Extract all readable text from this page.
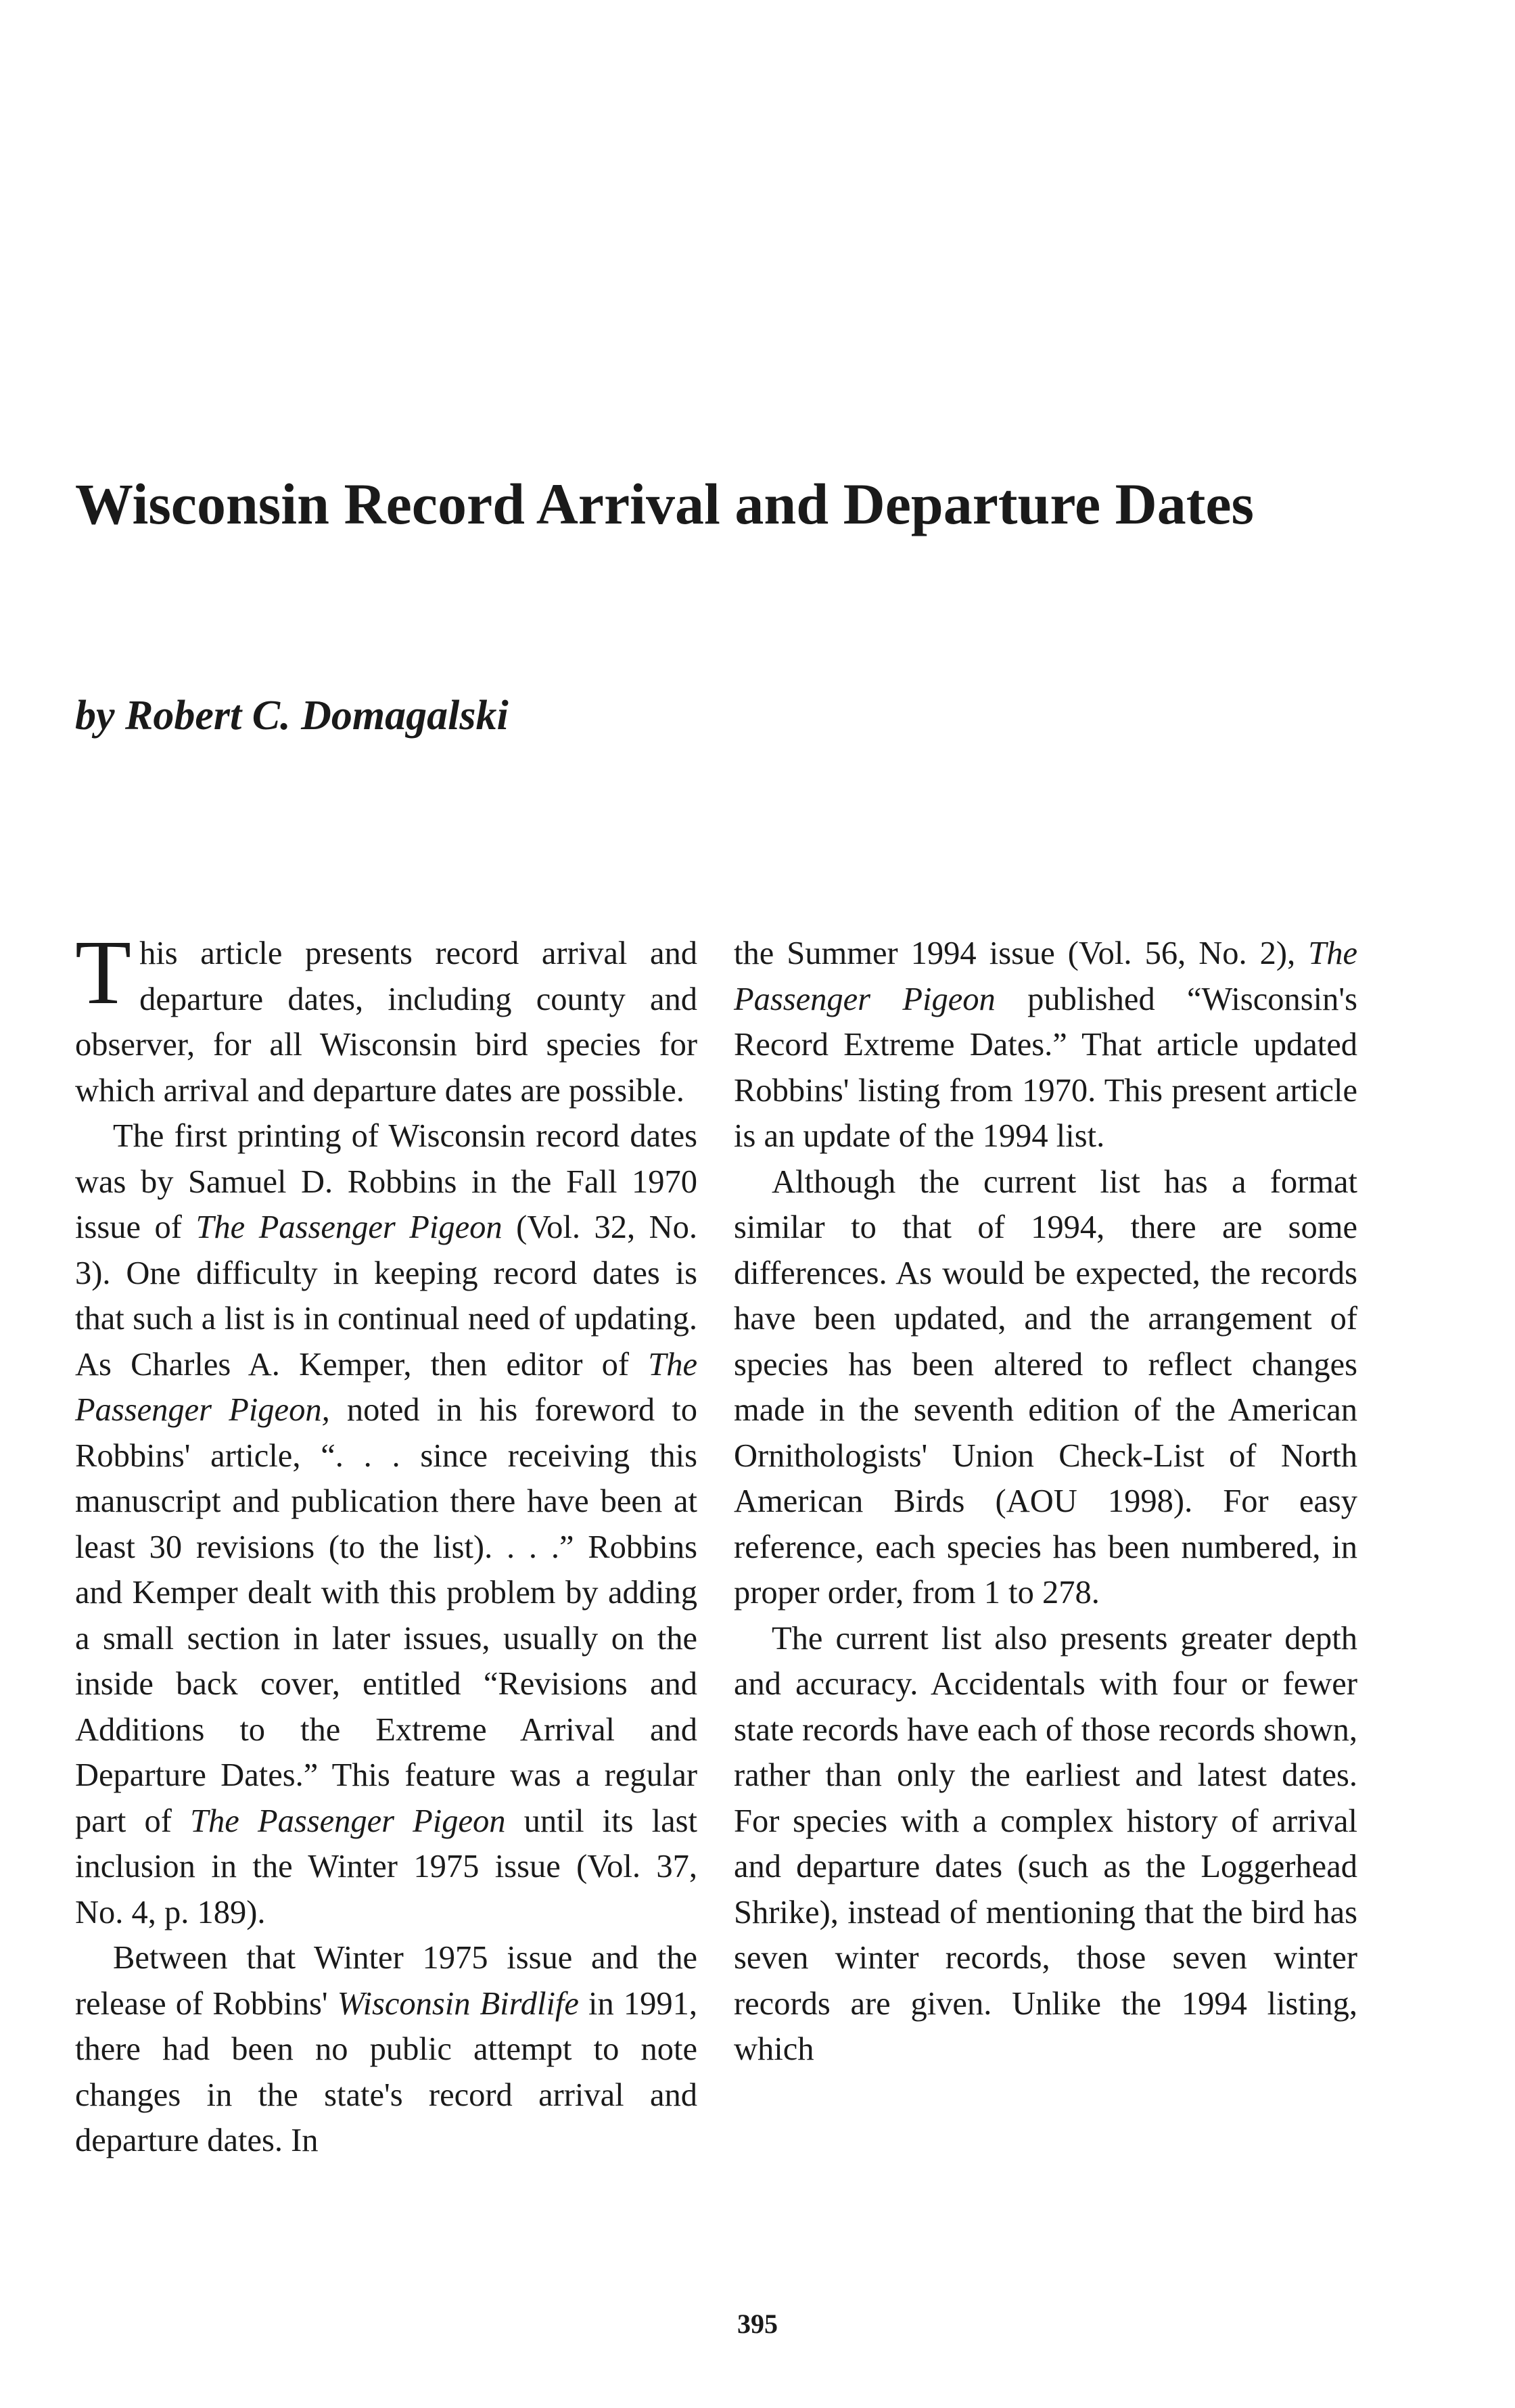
Wisconsin Record Arrival and Departure Dates
by Robert C. Domagalski

This article presents record arrival and departure dates, including county and observer, for all Wisconsin bird species for which arrival and departure dates are possible.

The first printing of Wisconsin record dates was by Samuel D. Robbins in the Fall 1970 issue of The Passenger Pigeon (Vol. 32, No. 3). One difficulty in keeping record dates is that such a list is in continual need of updating. As Charles A. Kemper, then editor of The Passenger Pigeon, noted in his foreword to Robbins' article, “. . . since receiving this manuscript and publication there have been at least 30 revisions (to the list). . . .” Robbins and Kemper dealt with this problem by adding a small section in later issues, usually on the inside back cover, entitled “Revisions and Additions to the Extreme Arrival and Departure Dates.” This feature was a regular part of The Passenger Pigeon until its last inclusion in the Winter 1975 issue (Vol. 37, No. 4, p. 189).

Between that Winter 1975 issue and the release of Robbins' Wisconsin Birdlife in 1991, there had been no public attempt to note changes in the state's record arrival and departure dates. In

the Summer 1994 issue (Vol. 56, No. 2), The Passenger Pigeon published “Wisconsin's Record Extreme Dates.” That article updated Robbins' listing from 1970. This present article is an update of the 1994 list.

Although the current list has a format similar to that of 1994, there are some differences. As would be expected, the records have been updated, and the arrangement of species has been altered to reflect changes made in the seventh edition of the American Ornithologists' Union Check-List of North American Birds (AOU 1998). For easy reference, each species has been numbered, in proper order, from 1 to 278.

The current list also presents greater depth and accuracy. Accidentals with four or fewer state records have each of those records shown, rather than only the earliest and latest dates. For species with a complex history of arrival and departure dates (such as the Loggerhead Shrike), instead of mentioning that the bird has seven winter records, those seven winter records are given. Unlike the 1994 listing, which

395
